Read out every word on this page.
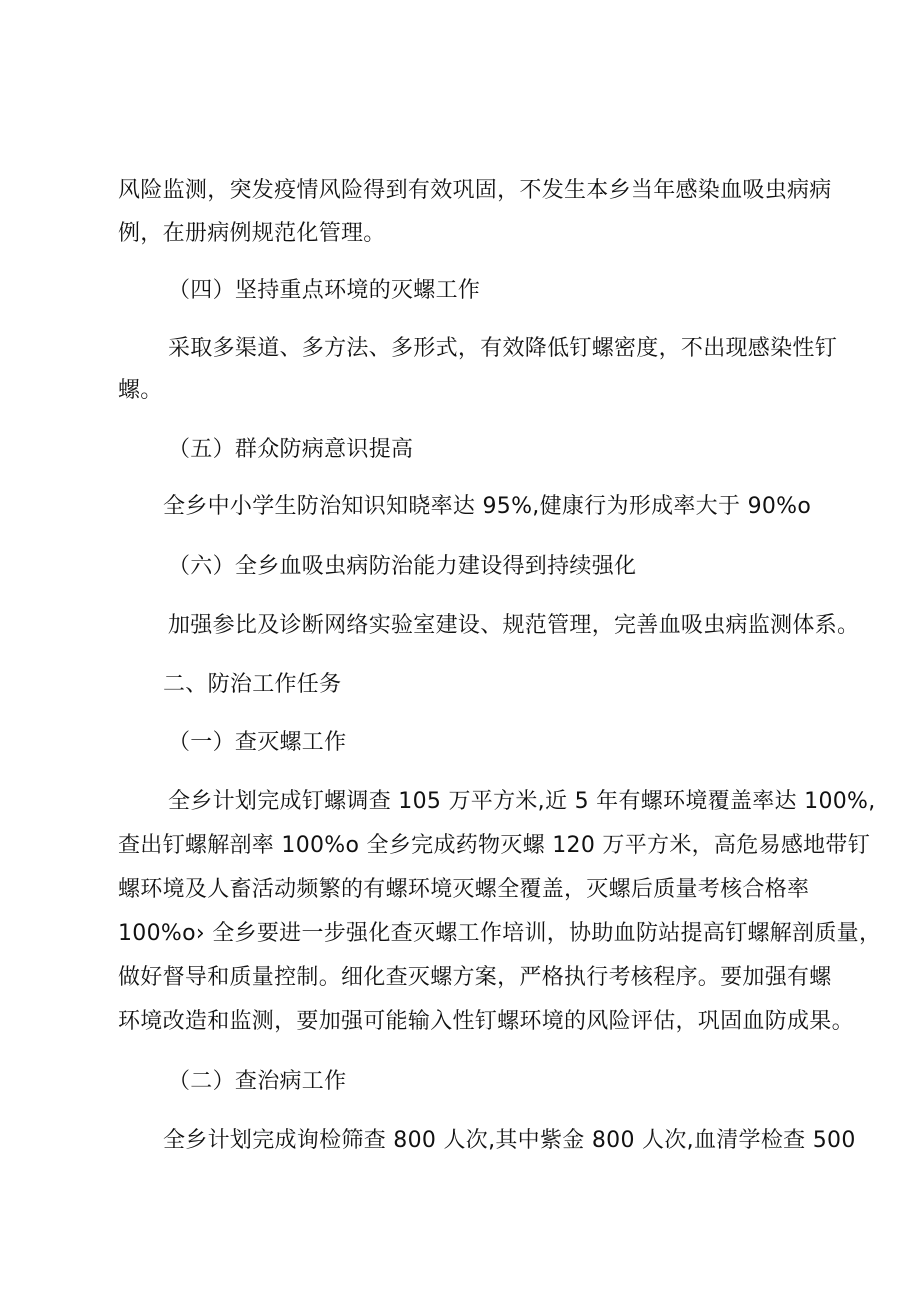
风险监测，突发疫情风险得到有效巩固，不发生本乡当年感染血吸虫病病
例，在册病例规范化管理。
（四）坚持重点环境的灭螺工作
采取多渠道、多方法、多形式，有效降低钉螺密度，不出现感染性钉
螺。
（五）群众防病意识提高
全乡中小学生防治知识知晓率达 95%,健康行为形成率大于 90%o
（六）全乡血吸虫病防治能力建设得到持续强化
加强参比及诊断网络实验室建设、规范管理，完善血吸虫病监测体系。
二、防治工作任务
（一）查灭螺工作
全乡计划完成钉螺调查 105 万平方米,近 5 年有螺环境覆盖率达 100%,
查出钉螺解剖率 100%o 全乡完成药物灭螺 120 万平方米，高危易感地带钉
螺环境及人畜活动频繁的有螺环境灭螺全覆盖，灭螺后质量考核合格率
100%o› 全乡要进一步强化查灭螺工作培训，协助血防站提高钉螺解剖质量，
做好督导和质量控制。细化查灭螺方案，严格执行考核程序。要加强有螺
环境改造和监测，要加强可能输入性钉螺环境的风险评估，巩固血防成果。
（二）查治病工作
全乡计划完成询检筛查 800 人次,其中紫金 800 人次,血清学检查 500
